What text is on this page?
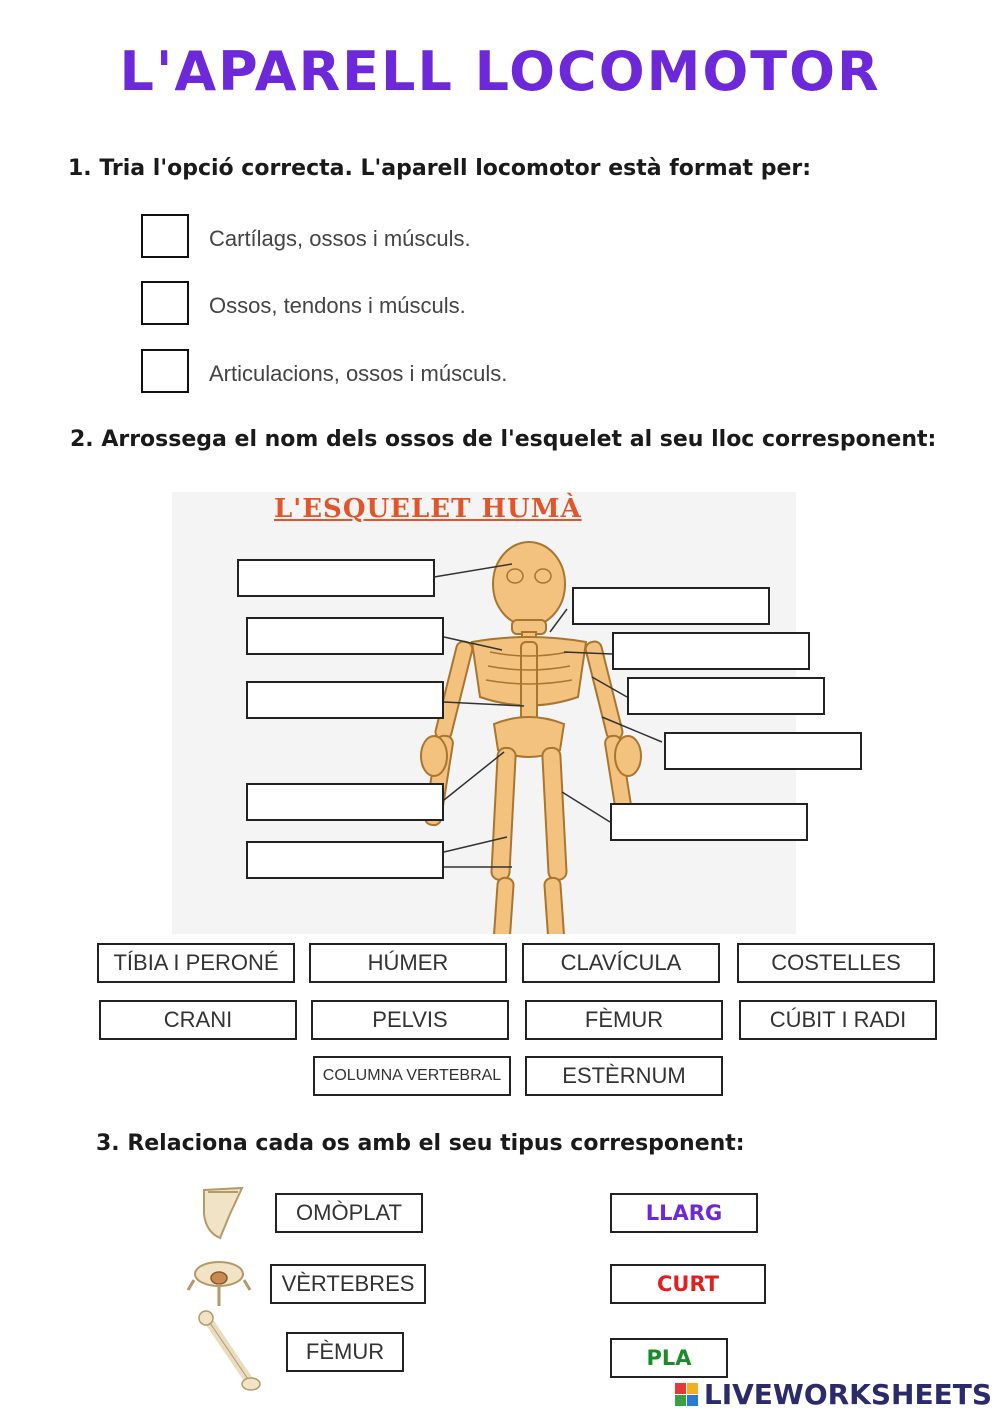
L'APARELL LOCOMOTOR
1. Tria l'opció correcta. L'aparell locomotor està format per:
Cartílags, ossos i músculs.
Ossos, tendons i músculs.
Articulacions, ossos i músculs.
2. Arrossega el nom dels ossos de l'esquelet al seu lloc corresponent:
L'ESQUELET HUMÀ
TÍBIA I PERONÉ	HÚMER	CLAVÍCULA	COSTELLES
CRANI	PELVIS	FÈMUR	CÚBIT I RADI
COLUMNA VERTEBRAL	ESTÈRNUM
3. Relaciona cada os amb el seu tipus corresponent:
OMÒPLAT
VÈRTEBRES
FÈMUR
LLARG
CURT
PLA
LIVEWORKSHEETS
